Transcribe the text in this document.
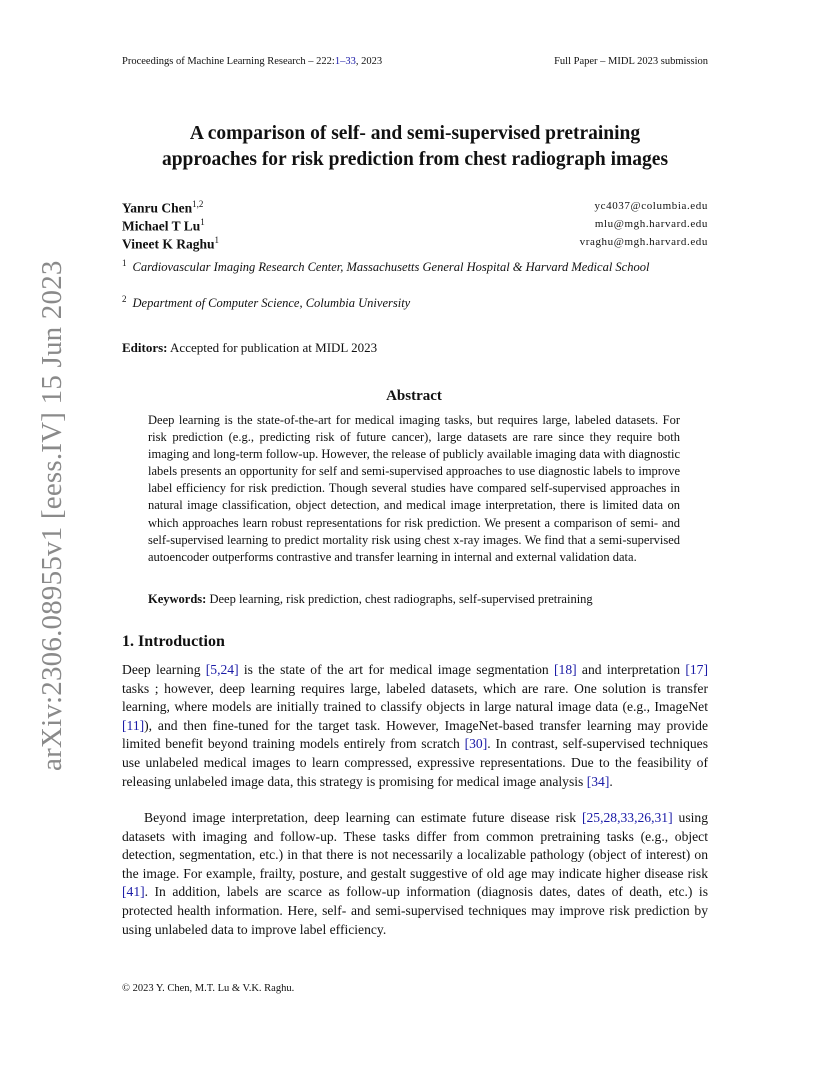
Proceedings of Machine Learning Research – 222:1–33, 2023	Full Paper – MIDL 2023 submission
arXiv:2306.08955v1 [eess.IV] 15 Jun 2023
A comparison of self- and semi-supervised pretraining
approaches for risk prediction from chest radiograph images
Yanru Chen$^{1,2}$	yc4037@columbia.edu
Michael T Lu$^1$	mlu@mgh.harvard.edu
Vineet K Raghu$^1$	vraghu@mgh.harvard.edu
$^1$ Cardiovascular Imaging Research Center, Massachusetts General Hospital & Harvard Medical School
$^2$ Department of Computer Science, Columbia University
Editors: Accepted for publication at MIDL 2023
Abstract
Deep learning is the state-of-the-art for medical imaging tasks, but requires large, labeled datasets. For risk prediction (e.g., predicting risk of future cancer), large datasets are rare since they require both imaging and long-term follow-up. However, the release of publicly available imaging data with diagnostic labels presents an opportunity for self and semi-supervised approaches to use diagnostic labels to improve label efficiency for risk prediction. Though several studies have compared self-supervised approaches in natural image classification, object detection, and medical image interpretation, there is limited data on which approaches learn robust representations for risk prediction. We present a comparison of semi- and self-supervised learning to predict mortality risk using chest x-ray images. We find that a semi-supervised autoencoder outperforms contrastive and transfer learning in internal and external validation data.
Keywords: Deep learning, risk prediction, chest radiographs, self-supervised pretraining
1. Introduction
Deep learning [5,24] is the state of the art for medical image segmentation [18] and interpretation [17] tasks ; however, deep learning requires large, labeled datasets, which are rare. One solution is transfer learning, where models are initially trained to classify objects in large natural image data (e.g., ImageNet [11]), and then fine-tuned for the target task. However, ImageNet-based transfer learning may provide limited benefit beyond training models entirely from scratch [30]. In contrast, self-supervised techniques use unlabeled medical images to learn compressed, expressive representations. Due to the feasibility of releasing unlabeled image data, this strategy is promising for medical image analysis [34].
Beyond image interpretation, deep learning can estimate future disease risk [25,28,33,26,31] using datasets with imaging and follow-up. These tasks differ from common pretraining tasks (e.g., object detection, segmentation, etc.) in that there is not necessarily a localizable pathology (object of interest) on the image. For example, frailty, posture, and gestalt suggestive of old age may indicate higher disease risk [41]. In addition, labels are scarce as follow-up information (diagnosis dates, dates of death, etc.) is protected health information. Here, self- and semi-supervised techniques may improve risk prediction by using unlabeled data to improve label efficiency.
© 2023 Y. Chen, M.T. Lu & V.K. Raghu.
